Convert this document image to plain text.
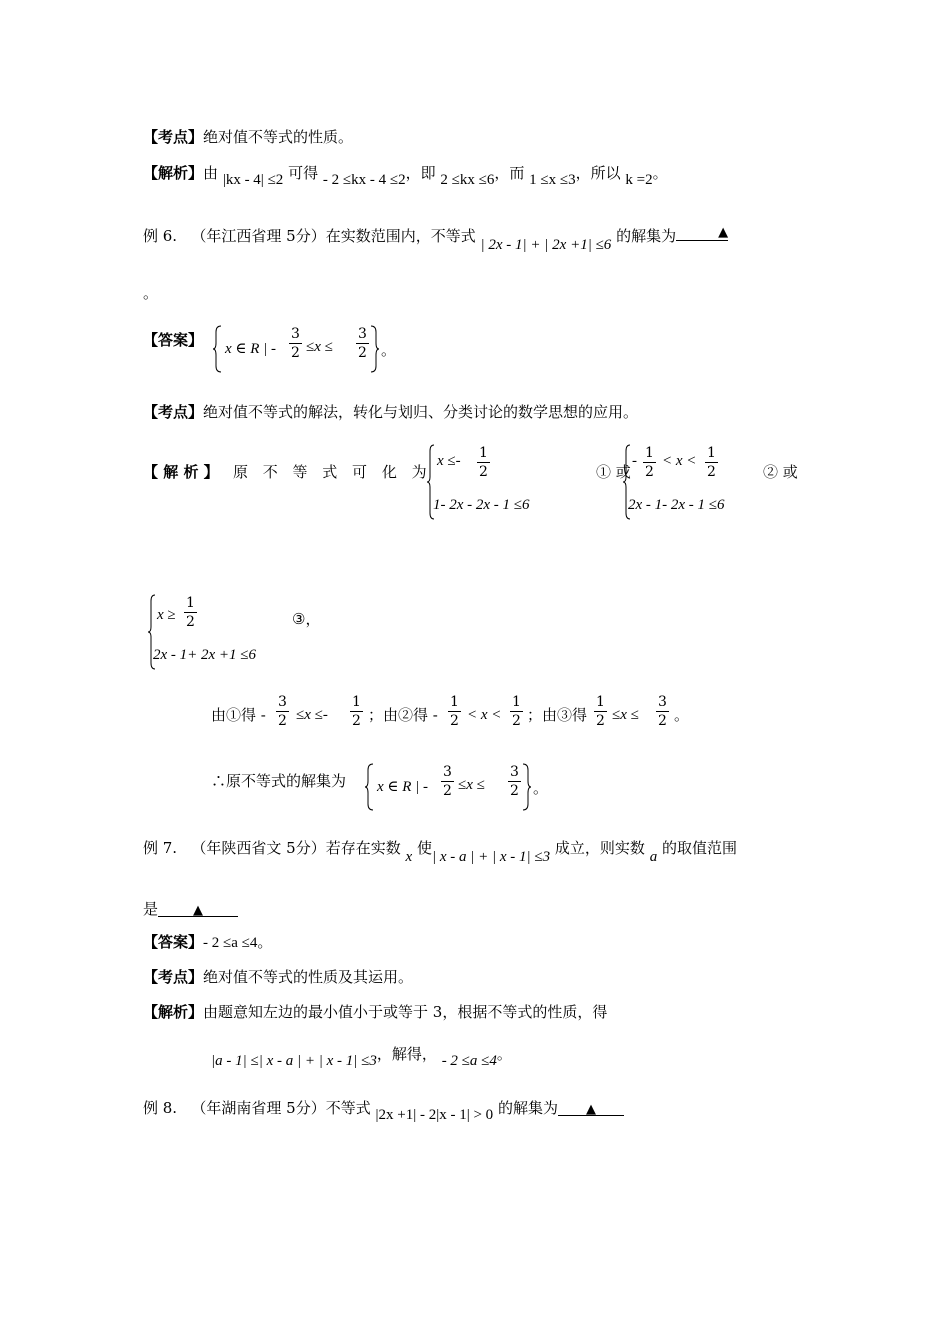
【考点】绝对值不等式的性质。
【解析】由 |kx - 4| ≤2 可得 - 2 ≤kx - 4 ≤2，即 2 ≤kx ≤6，而 1 ≤x ≤3，所以 k =2。
例 6. （年江西省理 5分）在实数范围内，不等式 | 2x - 1| + | 2x +1| ≤6 的解集为	▲
。
【答案】 x ∈ R | - $\frac{3}{2} \le x \le \frac{3}{2}$ 。
【考点】绝对值不等式的解法，转化与划归、分类讨论的数学思想的应用。
【 解 析 】 原 不 等 式 可 化 为
$x \le- \frac{1}{2}$
1- 2x - 2x - 1 ≤6
① 或
- $\frac{1}{2} < x < \frac{1}{2}$
2x - 1- 2x - 1 ≤6
② 或
$x \ge \frac{1}{2}$
2x - 1+ 2x +1 ≤6
③，
由①得 - $\frac{3}{2} \le x \le- \frac{1}{2}$ ；由②得 - $\frac{1}{2} < x < \frac{1}{2}$ ；由③得 $\frac{1}{2} \le x \le \frac{3}{2}$ 。
∴原不等式的解集为 x ∈ R | - $\frac{3}{2} \le x \le \frac{3}{2}$ 。
例 7. （年陕西省文 5分）若存在实数 x 使| x - a | + | x - 1| ≤3 成立，则实数 a 的取值范围
是	▲
【答案】- 2 ≤a ≤4。
【考点】绝对值不等式的性质及其运用。
【解析】由题意知左边的最小值小于或等于 3，根据不等式的性质，得
|a - 1| ≤| x - a | + | x - 1| ≤3，解得， - 2 ≤a ≤4。
例 8. （年湖南省理 5分）不等式 |2x +1| - 2|x - 1| > 0 的解集为 ▲
